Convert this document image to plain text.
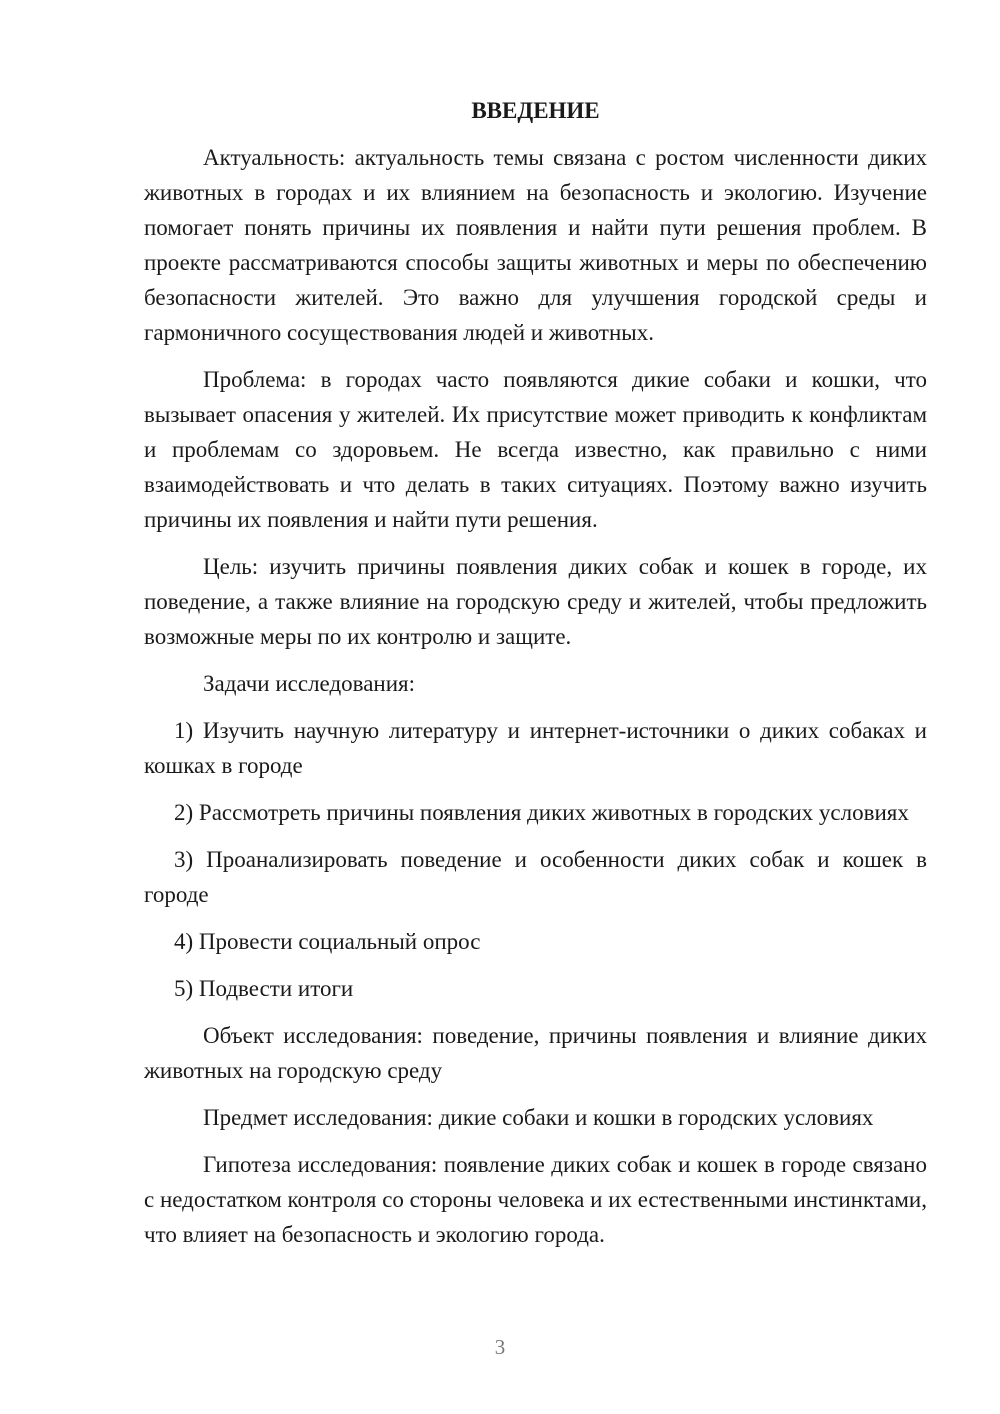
ВВЕДЕНИЕ

Актуальность: актуальность темы связана с ростом численности диких животных в городах и их влиянием на безопасность и экологию. Изучение помогает понять причины их появления и найти пути решения проблем. В проекте рассматриваются способы защиты животных и меры по обеспечению безопасности жителей. Это важно для улучшения городской среды и гармоничного сосуществования людей и животных.

Проблема: в городах часто появляются дикие собаки и кошки, что вызывает опасения у жителей. Их присутствие может приводить к конфликтам и проблемам со здоровьем. Не всегда известно, как правильно с ними взаимодействовать и что делать в таких ситуациях. Поэтому важно изучить причины их появления и найти пути решения.

Цель: изучить причины появления диких собак и кошек в городе, их поведение, а также влияние на городскую среду и жителей, чтобы предложить возможные меры по их контролю и защите.

Задачи исследования:

1) Изучить научную литературу и интернет-источники о диких собаках и кошках в городе

2) Рассмотреть причины появления диких животных в городских условиях

3) Проанализировать поведение и особенности диких собак и кошек в городе

4) Провести социальный опрос

5) Подвести итоги

Объект исследования: поведение, причины появления и влияние диких животных на городскую среду

Предмет исследования: дикие собаки и кошки в городских условиях

Гипотеза исследования: появление диких собак и кошек в городе связано с недостатком контроля со стороны человека и их естественными инстинктами, что влияет на безопасность и экологию города.

3
